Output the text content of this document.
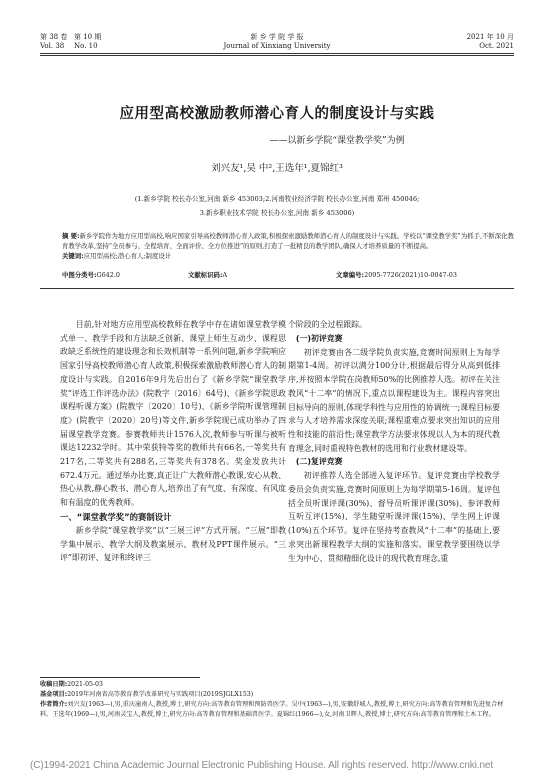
第 38 卷 第 10 期
Vol. 38 No. 10
新 乡 学 院 学 报
Journal of Xinxiang University
2021 年 10 月
Oct. 2021
应用型高校激励教师潜心育人的制度设计与实践
——以新乡学院“课堂教学奖”为例
刘兴友¹,吴 中²,王选年¹,夏锦红³
(1.新乡学院 校长办公室,河南 新乡 453003;2.河南牧业经济学院 校长办公室,河南 郑州 450046;
3.新乡职业技术学院 校长办公室,河南 新乡 453006)
摘 要:新乡学院作为地方应用型高校,响应国家引导高校教师潜心育人政策,积极探索激励教师潜心育人的制度设计与实践。学校以“课堂教学奖”为抓手,不断深化教育教学改革,坚持“全员参与、全程培育、全面评价、全方位推进”的原则,打造了一批精良的教学团队,确保人才培养质量的不断提高。
关键词:应用型高校;潜心育人;制度设计
中图分类号:G642.0	文献标识码:A	文章编号:2095-7726(2021)10-0047-03

目前,针对地方应用型高校教师在教学中存在诸如课堂教学模式单一、教学手段和方法缺乏创新、课堂上师生互动少、课程思政缺乏系统性的建设理念和长效机制等一系列问题,新乡学院响应国家引导高校教师潜心育人政策,积极探索激励教师潜心育人的制度设计与实践。自2016年9月先后出台了《新乡学院“课堂教学奖”评选工作评选办法》(院教字〔2016〕64号)、《新乡学院思政课程听课方案》(院教字〔2020〕10号)、《新乡学院听课管理制度》(院教字〔2020〕20号)等文件,新乡学院现已成功举办了四届课堂教学竞赛。参赛教师共计1576人次,教师参与听课与被听课达12232学时。其中荣获特等奖的教师共有66名,一等奖共有217名,二等奖共有288名,三等奖共有378名。奖金发放共计672.4万元。通过举办比赛,真正让广大教师潜心教课,安心从教、热心从教,静心教书、潜心育人,培养出了有气度、有深度、有风度和有温度的优秀教师。

一、“课堂教学奖”的赛制设计

新乡学院“课堂教学奖”以“三展三评”方式开展。“三展”即教学集中展示、教学大纲及教案展示、教材及PPT课件展示。“三评”即初评、复评和终评三

个阶段的全过程跟踪。

(一)初评竞赛

初评竞赛由各二级学院负责实施,竞赛时间原则上为每学期第1-4周。初评以满分100分计,根据最后得分从高到低排序,并按照本学院在岗教师50%的比例推荐人选。初评在关注教风“十二率”的情况下,重点以课程建设为主。课程内容突出目标导向的原则,体现学科性与应用性的协调统一;课程目标要求与人才培养需求深度关联;课程重难点要求突出知识的应用性和技能的前沿性;课堂教学方法要求体现以人为本的现代教育理念,同时重视特色教材的选用和行业教材建设等。

(二)复评竞赛

初评推荐人选全部进入复评环节。复评竞赛由学校教学委员会负责实施,竞赛时间原则上为每学期第5-16周。复评包括全员听课评课(30%)、督导员听课评课(30%)、参评教师互听互评(15%)、学生随堂听课评课(15%)、学生网上评课(10%)五个环节。复评在坚持考查教风“十二率”的基础上,要求突出新课程教学大纲的实施和落实。课堂教学要围绕以学生为中心、贯彻精细化设计的现代教育理念,重

收稿日期:2021-05-03
基金项目:2019年河南省高等教育教学改革研究与实践项目(2019SJGLX153)
作者简介:刘兴友(1963—),男,重庆潼南人,教授,博士,研究方向:高等教育管理和预防兽医学。吴中(1963—),男,安徽舒城人,教授,博士,研究方向:高等教育管理和先进复合材料。王选年(1969—),男,河南灵宝人,教授,博士,研究方向:高等教育管理和基础兽医学。夏锦红(1966—),女,河南卫辉人,教授,博士,研究方向:高等教育管理和土木工程。
(C)1994-2021 China Academic Journal Electronic Publishing House. All rights reserved. http://www.cnki.net
